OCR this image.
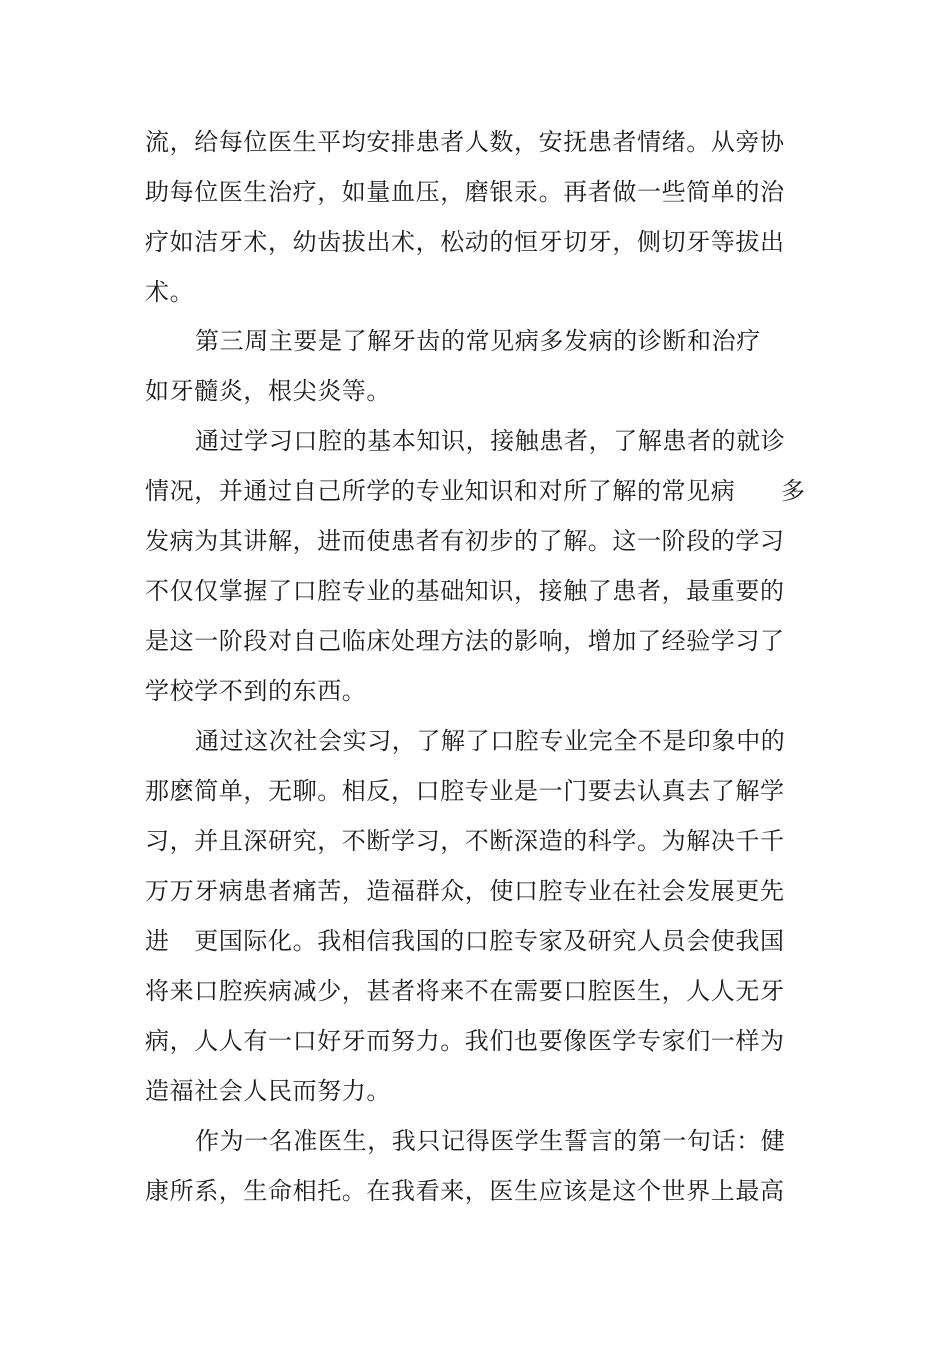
流，给每位医生平均安排患者人数，安抚患者情绪。从旁协
助每位医生治疗，如量血压，磨银汞。再者做一些简单的治
疗如洁牙术，幼齿拔出术，松动的恒牙切牙，侧切牙等拔出
术。
第三周主要是了解牙齿的常见病多发病的诊断和治疗
如牙髓炎，根尖炎等。
通过学习口腔的基本知识，接触患者，了解患者的就诊
情况，并通过自己所学的专业知识和对所了解的常见病 多
发病为其讲解，进而使患者有初步的了解。这一阶段的学习
不仅仅掌握了口腔专业的基础知识，接触了患者，最重要的
是这一阶段对自己临床处理方法的影响，增加了经验学习了
学校学不到的东西。
通过这次社会实习，了解了口腔专业完全不是印象中的
那麽简单，无聊。相反，口腔专业是一门要去认真去了解学
习，并且深研究，不断学习，不断深造的科学。为解决千千
万万牙病患者痛苦，造福群众，使口腔专业在社会发展更先
进　更国际化。我相信我国的口腔专家及研究人员会使我国
将来口腔疾病减少，甚者将来不在需要口腔医生，人人无牙
病，人人有一口好牙而努力。我们也要像医学专家们一样为
造福社会人民而努力。
作为一名准医生，我只记得医学生誓言的第一句话：健
康所系，生命相托。在我看来，医生应该是这个世界上最高
